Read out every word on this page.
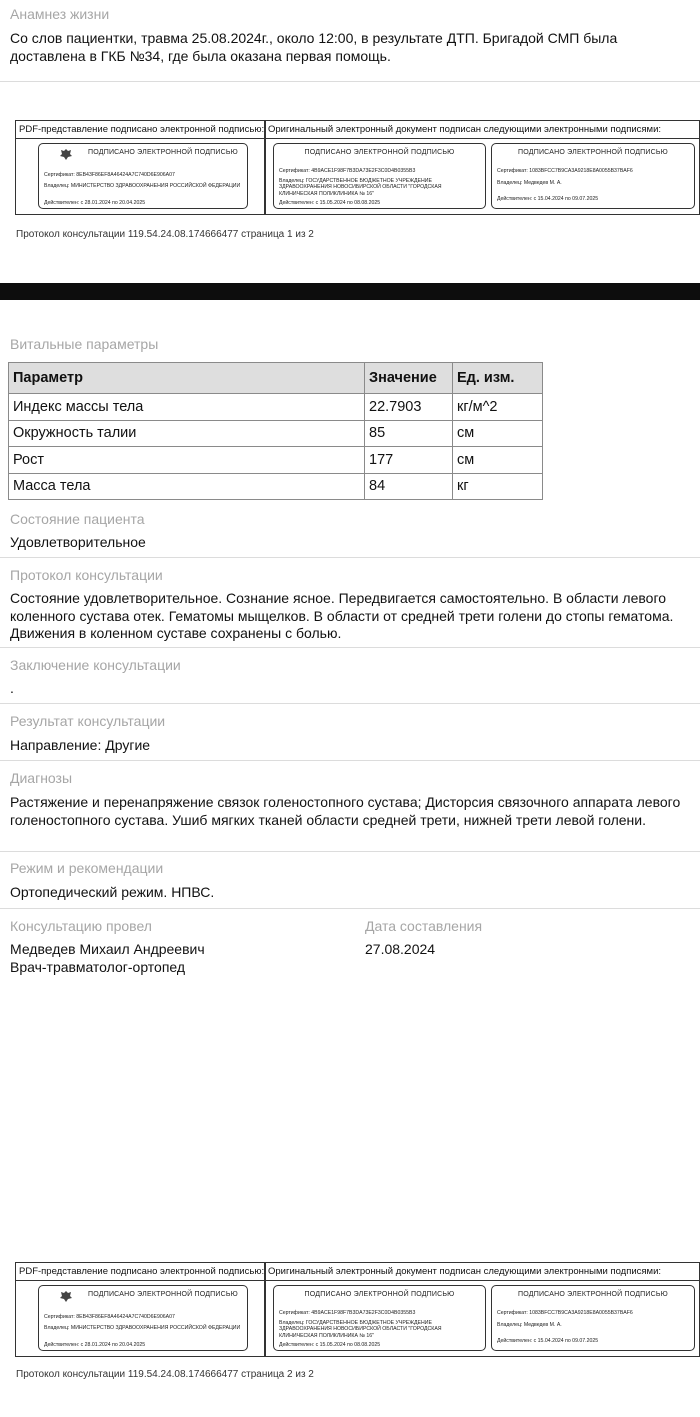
Анамнез жизни
Со слов пациентки, травма 25.08.2024г., около 12:00, в результате ДТП. Бригадой СМП была доставлена в ГКБ №34, где была оказана первая помощь.
PDF-представление подписано электронной подписью: Оригинальный электронный документ подписан следующими электронными подписями:
ПОДПИСАНО ЭЛЕКТРОННОЙ ПОДПИСЬЮ
Сертификат: 8EB43F86EF8A46424A7C740D6E906A07
Владелец: МИНИСТЕРСТВО ЗДРАВООХРАНЕНИЯ РОССИЙСКОЙ ФЕДЕРАЦИИ
Действителен: с 28.01.2024 по 20.04.2025
ПОДПИСАНО ЭЛЕКТРОННОЙ ПОДПИСЬЮ
Сертификат: 4B9ACE1F98F7B3DA73E2F3C0D4B0355B3
Владелец: ГОСУДАРСТВЕННОЕ БЮДЖЕТНОЕ УЧРЕЖДЕНИЕ ЗДРАВООХРАНЕНИЯ НОВОСИБИРСКОЙ ОБЛАСТИ "ГОРОДСКАЯ КЛИНИЧЕСКАЯ ПОЛИКЛИНИКА № 16"
Действителен: с 15.05.2024 по 08.08.2025
ПОДПИСАНО ЭЛЕКТРОННОЙ ПОДПИСЬЮ
Сертификат: 1083BFCC7B9CA3A9218E8A0055B37BAF6
Владелец: Медведев М. А.
Действителен: с 15.04.2024 по 09.07.2025
Протокол консультации 119.54.24.08.174666477 страница 1 из 2
Витальные параметры
Параметр	Значение	Ед. изм.
Индекс массы тела	22.7903	кг/м^2
Окружность талии	85	см
Рост	177	см
Масса тела	84	кг
Состояние пациента
Удовлетворительное
Протокол консультации
Состояние удовлетворительное. Сознание ясное. Передвигается самостоятельно. В области левого коленного сустава отек. Гематомы мыщелков. В области от средней трети голени до стопы гематома. Движения в коленном суставе сохранены с болью.
Заключение консультации
.
Результат консультации
Направление: Другие
Диагнозы
Растяжение и перенапряжение связок голеностопного сустава; Дисторсия связочного аппарата левого голеностопного сустава. Ушиб мягких тканей области средней трети, нижней трети левой голени.
Режим и рекомендации
Ортопедический режим. НПВС.
Консультацию провел
Медведев Михаил Андреевич
Врач-травматолог-ортопед
Дата составления
27.08.2024
PDF-представление подписано электронной подписью: Оригинальный электронный документ подписан следующими электронными подписями:
ПОДПИСАНО ЭЛЕКТРОННОЙ ПОДПИСЬЮ
Сертификат: 8EB43F86EF8A46424A7C740D6E906A07
Владелец: МИНИСТЕРСТВО ЗДРАВООХРАНЕНИЯ РОССИЙСКОЙ ФЕДЕРАЦИИ
Действителен: с 28.01.2024 по 20.04.2025
ПОДПИСАНО ЭЛЕКТРОННОЙ ПОДПИСЬЮ
Сертификат: 4B9ACE1F98F7B3DA73E2F3C0D4B0355B3
Владелец: ГОСУДАРСТВЕННОЕ БЮДЖЕТНОЕ УЧРЕЖДЕНИЕ ЗДРАВООХРАНЕНИЯ НОВОСИБИРСКОЙ ОБЛАСТИ "ГОРОДСКАЯ КЛИНИЧЕСКАЯ ПОЛИКЛИНИКА № 16"
Действителен: с 15.05.2024 по 08.08.2025
ПОДПИСАНО ЭЛЕКТРОННОЙ ПОДПИСЬЮ
Сертификат: 1083BFCC7B9CA3A9218E8A0055B37BAF6
Владелец: Медведев М. А.
Действителен: с 15.04.2024 по 09.07.2025
Протокол консультации 119.54.24.08.174666477 страница 2 из 2
